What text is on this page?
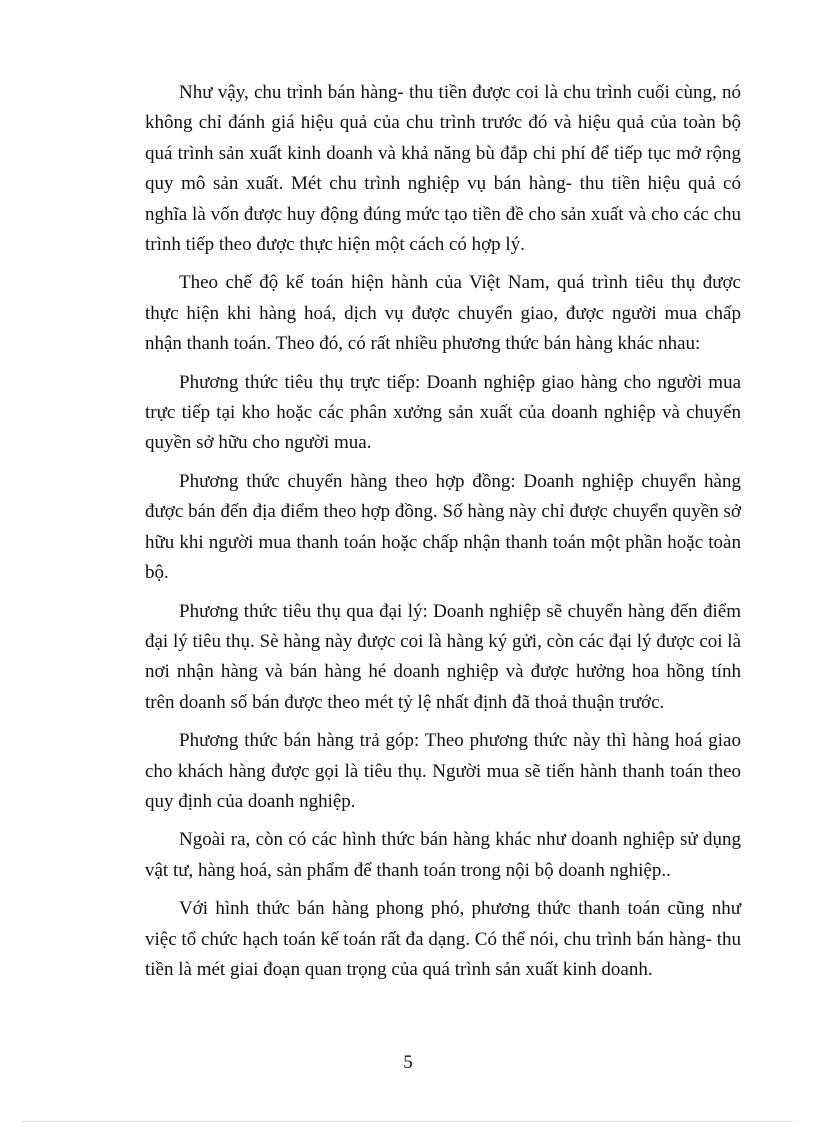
Như vậy, chu trình bán hàng- thu tiền được coi là chu trình cuối cùng, nó không chỉ đánh giá hiệu quả của chu trình trước đó và hiệu quả của toàn bộ quá trình sản xuất kinh doanh và khả năng bù đắp chi phí để tiếp tục mở rộng quy mô sản xuất. Mét chu trình nghiệp vụ bán hàng- thu tiền hiệu quả có nghĩa là vốn được huy động đúng mức tạo tiền đề cho sản xuất và cho các chu trình tiếp theo được thực hiện một cách có hợp lý.

Theo chế độ kế toán hiện hành của Việt Nam, quá trình tiêu thụ được thực hiện khi hàng hoá, dịch vụ được chuyển giao, được người mua chấp nhận thanh toán. Theo đó, có rất nhiều phương thức bán hàng khác nhau:

Phương thức tiêu thụ trực tiếp: Doanh nghiệp giao hàng cho người mua trực tiếp tại kho hoặc các phân xưởng sản xuất của doanh nghiệp và chuyển quyền sở hữu cho người mua.

Phương thức chuyển hàng theo hợp đồng: Doanh nghiệp chuyển hàng được bán đến địa điểm theo hợp đồng. Số hàng này chỉ được chuyển quyền sở hữu khi người mua thanh toán hoặc chấp nhận thanh toán một phần hoặc toàn bộ.

Phương thức tiêu thụ qua đại lý: Doanh nghiệp sẽ chuyển hàng đến điểm đại lý tiêu thụ. Sè hàng này được coi là hàng ký gửi, còn các đại lý được coi là nơi nhận hàng và bán hàng hé doanh nghiệp và được hưởng hoa hồng tính trên doanh số bán được theo mét tỷ lệ nhất định đã thoả thuận trước.

Phương thức bán hàng trả góp: Theo phương thức này thì hàng hoá giao cho khách hàng được gọi là tiêu thụ. Người mua sẽ tiến hành thanh toán theo quy định của doanh nghiệp.

Ngoài ra, còn có các hình thức bán hàng khác như doanh nghiệp sử dụng vật tư, hàng hoá, sản phẩm để thanh toán trong nội bộ doanh nghiệp..

Với hình thức bán hàng phong phó, phương thức thanh toán cũng như việc tổ chức hạch toán kế toán rất đa dạng. Có thể nói, chu trình bán hàng- thu tiền là mét giai đoạn quan trọng của quá trình sản xuất kinh doanh.

5
